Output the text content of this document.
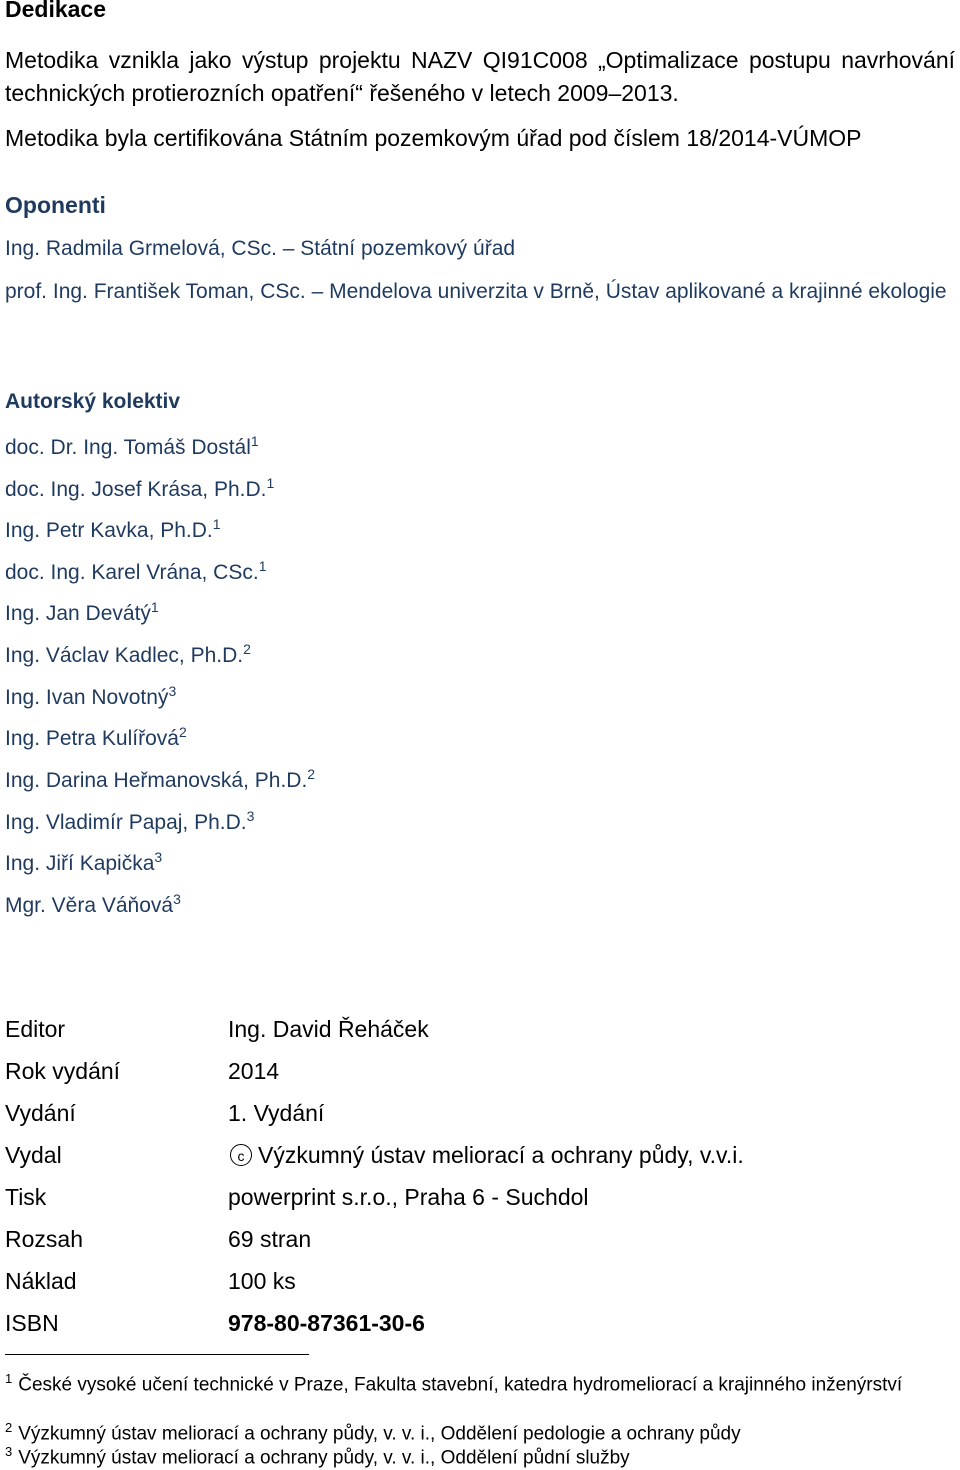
Dedikace
Metodika vznikla jako výstup projektu NAZV QI91C008 „Optimalizace postupu navrhování technických protierozních opatření“ řešeného v letech 2009–2013.
Metodika byla certifikována Státním pozemkovým úřad pod číslem 18/2014-VÚMOP
Oponenti
Ing. Radmila Grmelová, CSc. – Státní pozemkový úřad
prof. Ing. František Toman, CSc. – Mendelova univerzita v Brně, Ústav aplikované a krajinné ekologie
Autorský kolektiv
doc. Dr. Ing. Tomáš Dostál$^1$
doc. Ing. Josef Krása, Ph.D.$^1$
Ing. Petr Kavka, Ph.D.$^1$
doc. Ing. Karel Vrána, CSc.$^1$
Ing. Jan Devátý$^1$
Ing. Václav Kadlec, Ph.D.$^2$
Ing. Ivan Novotný$^3$
Ing. Petra Kulířová$^2$
Ing. Darina Heřmanovská, Ph.D.$^2$
Ing. Vladimír Papaj, Ph.D.$^3$
Ing. Jiří Kapička$^3$
Mgr. Věra Váňová$^3$
Editor	Ing. David Řeháček
Rok vydání	2014
Vydání	1. Vydání
Vydal	c Výzkumný ústav meliorací a ochrany půdy, v.v.i.
Tisk	powerprint s.r.o., Praha 6 - Suchdol
Rozsah	69 stran
Náklad	100 ks
ISBN	978-80-87361-30-6
$^1$ České vysoké učení technické v Praze, Fakulta stavební, katedra hydromeliorací a krajinného inženýrství
$^2$ Výzkumný ústav meliorací a ochrany půdy, v. v. i., Oddělení pedologie a ochrany půdy
$^3$ Výzkumný ústav meliorací a ochrany půdy, v. v. i., Oddělení půdní služby
